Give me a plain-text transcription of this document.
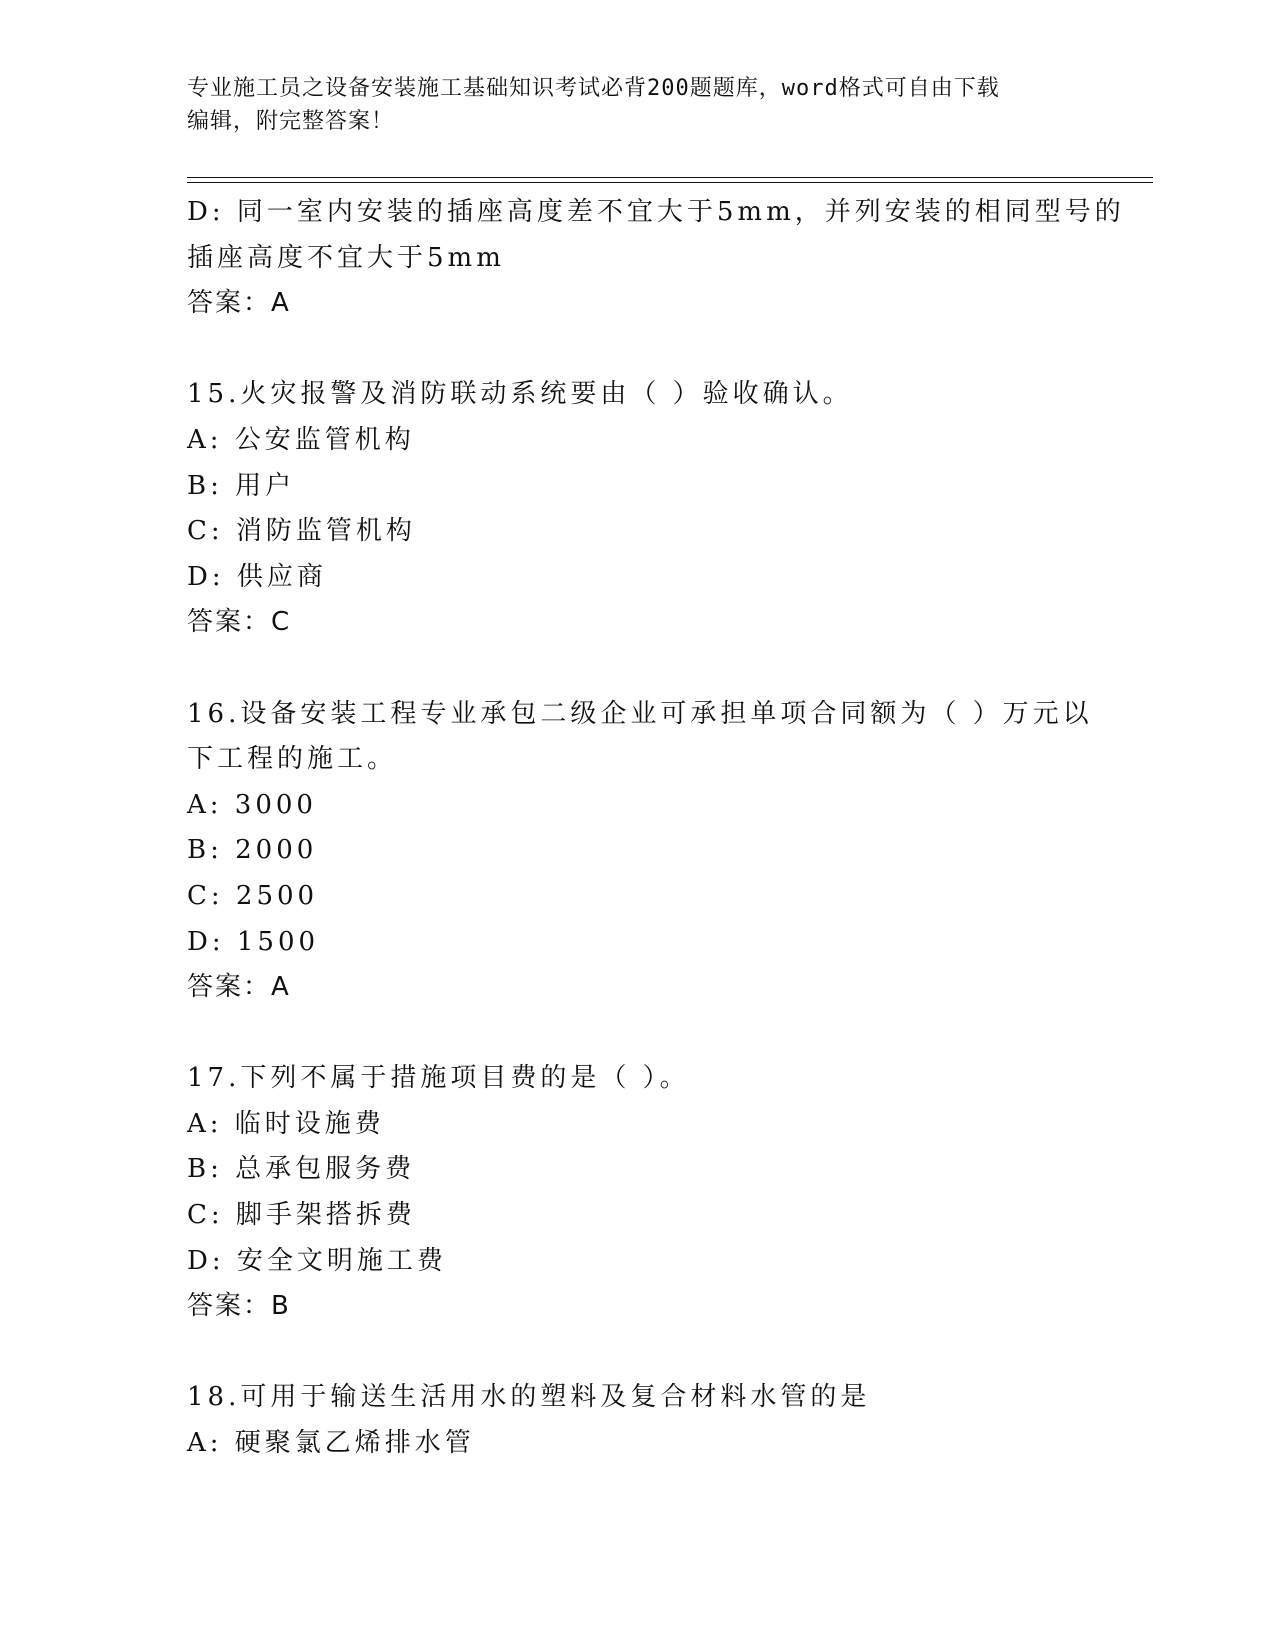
专业施工员之设备安装施工基础知识考试必背200题题库，word格式可自由下载
编辑，附完整答案！
D: 同一室内安装的插座高度差不宜大于5mm，并列安装的相同型号的
插座高度不宜大于5mm
答案：A
15.火灾报警及消防联动系统要由（ ）验收确认。
A: 公安监管机构
B: 用户
C: 消防监管机构
D: 供应商
答案：C
16.设备安装工程专业承包二级企业可承担单项合同额为（ ）万元以
下工程的施工。
A: 3000
B: 2000
C: 2500
D: 1500
答案：A
17.下列不属于措施项目费的是（ ）。
A: 临时设施费
B: 总承包服务费
C: 脚手架搭拆费
D: 安全文明施工费
答案：B
18.可用于输送生活用水的塑料及复合材料水管的是
A: 硬聚氯乙烯排水管
